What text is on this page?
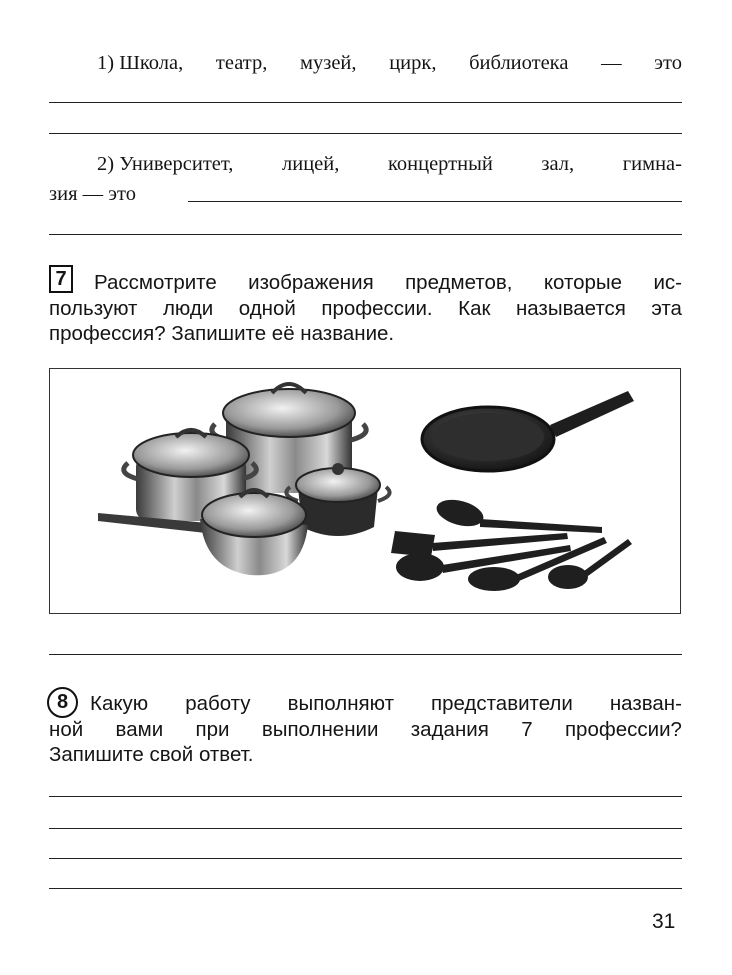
1) Школа, театр, музей, цирк, библиотека — это
2) Университет, лицей, концертный зал, гимна-
зия — это
7	Рассмотрите изображения предметов, которые ис-
пользуют люди одной профессии. Как называется эта
профессия? Запишите её название.
8	Какую работу выполняют представители назван-
ной вами при выполнении задания 7 профессии?
Запишите свой ответ.
31
